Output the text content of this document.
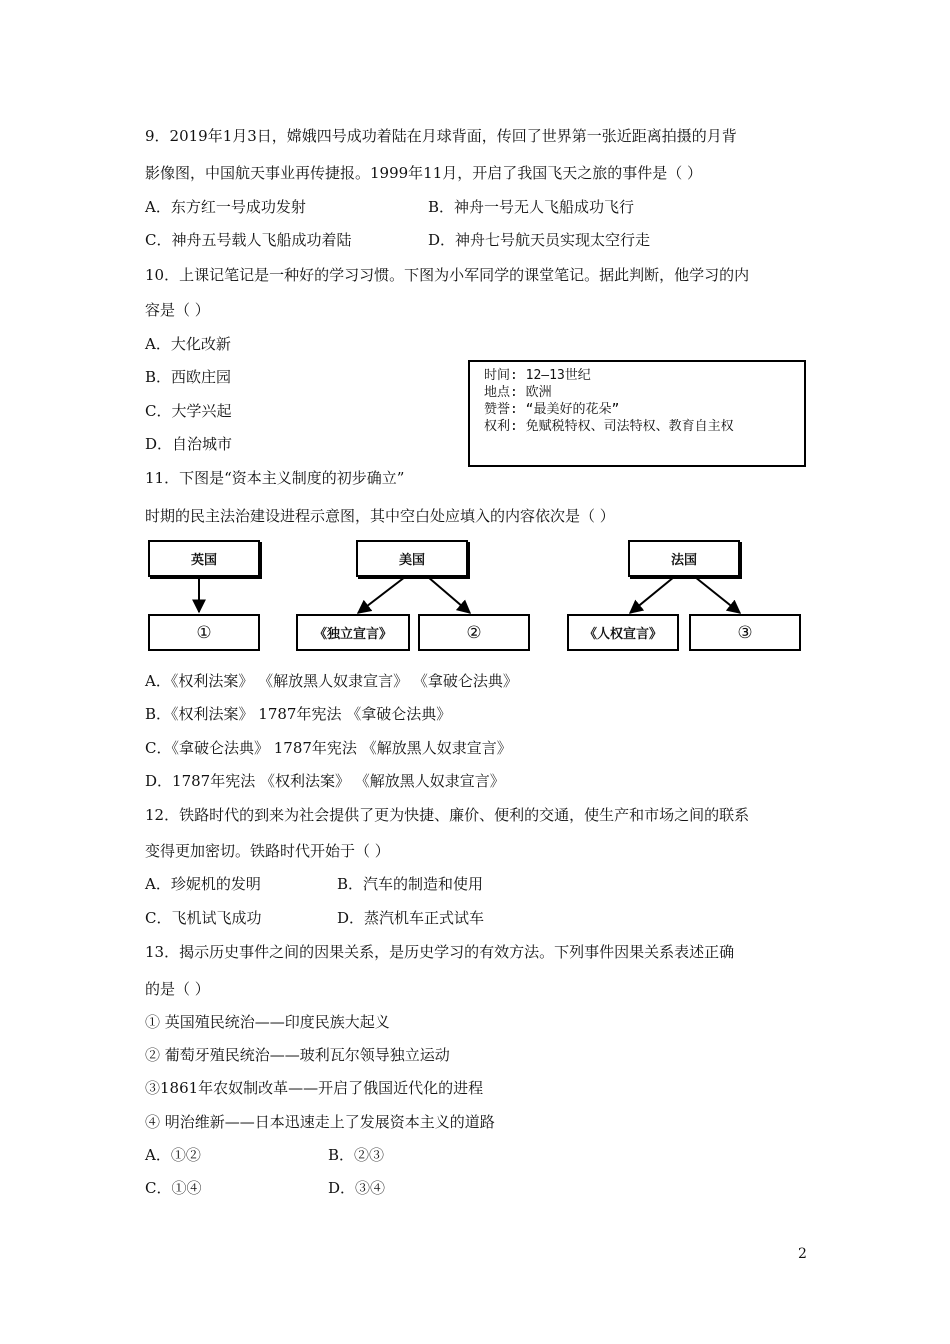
9．2019年1月3日，嫦娥四号成功着陆在月球背面，传回了世界第一张近距离拍摄的月背
影像图，中国航天事业再传捷报。1999年11月，开启了我国飞天之旅的事件是（ ）
A．东方红一号成功发射	B．神舟一号无人飞船成功飞行
C．神舟五号载人飞船成功着陆	D．神舟七号航天员实现太空行走
10．上课记笔记是一种好的学习习惯。下图为小军同学的课堂笔记。据此判断，他学习的内
容是（ ）
A．大化改新
B．西欧庄园
C．大学兴起
D．自治城市
时间: 12—13世纪
地点: 欧洲
赞誉: “最美好的花朵”
权利: 免赋税特权、司法特权、教育自主权
11．下图是“资本主义制度的初步确立”
时期的民主法治建设进程示意图，其中空白处应填入的内容依次是（ ）
英国	美国	法国
①	《独立宣言》	②	《人权宣言》	③
A．《权利法案》 《解放黑人奴隶宣言》 《拿破仑法典》
B．《权利法案》 1787年宪法 《拿破仑法典》
C．《拿破仑法典》 1787年宪法 《解放黑人奴隶宣言》
D．1787年宪法 《权利法案》 《解放黑人奴隶宣言》
12．铁路时代的到来为社会提供了更为快捷、廉价、便利的交通，使生产和市场之间的联系
变得更加密切。铁路时代开始于（ ）
A．珍妮机的发明	B．汽车的制造和使用
C．飞机试飞成功	D．蒸汽机车正式试车
13．揭示历史事件之间的因果关系，是历史学习的有效方法。下列事件因果关系表述正确
的是（ ）
① 英国殖民统治——印度民族大起义
② 葡萄牙殖民统治——玻利瓦尔领导独立运动
③1861年农奴制改革——开启了俄国近代化的进程
④ 明治维新——日本迅速走上了发展资本主义的道路
A．①②	B．②③
C．①④	D．③④
2
